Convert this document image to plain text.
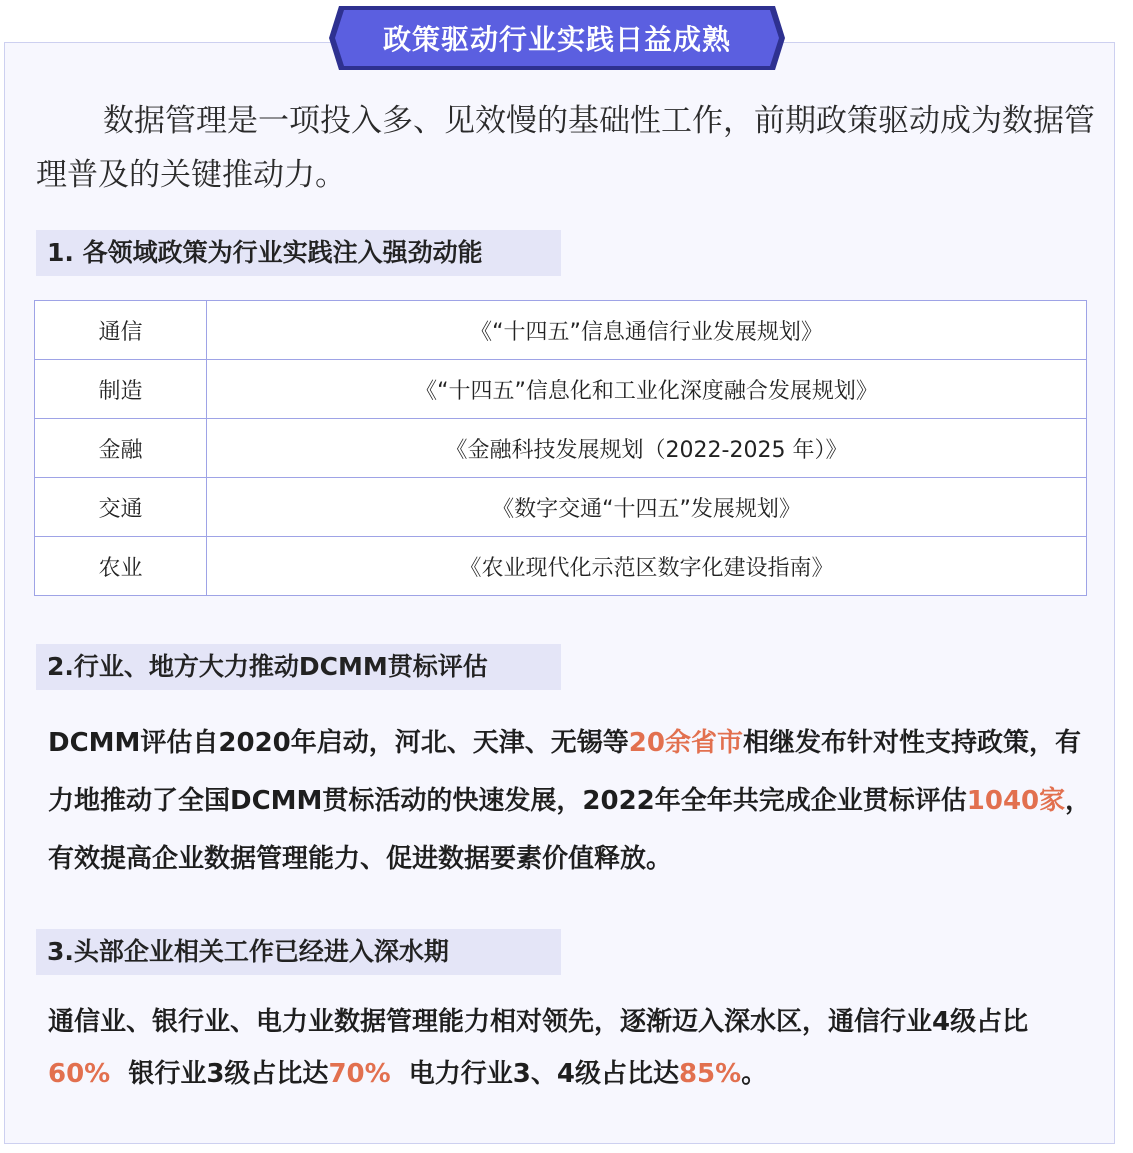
政策驱动行业实践日益成熟
数据管理是一项投入多、见效慢的基础性工作，前期政策驱动成为数据管理普及的关键推动力。
1. 各领域政策为行业实践注入强劲动能
通信	《“十四五”信息通信行业发展规划》
制造	《“十四五”信息化和工业化深度融合发展规划》
金融	《金融科技发展规划（2022-2025 年）》
交通	《数字交通“十四五”发展规划》
农业	《农业现代化示范区数字化建设指南》
2.行业、地方大力推动DCMM贯标评估
DCMM评估自2020年启动，河北、天津、无锡等20余省市相继发布针对性支持政策，有力地推动了全国DCMM贯标活动的快速发展，2022年全年共完成企业贯标评估1040家，有效提高企业数据管理能力、促进数据要素价值释放。
3.头部企业相关工作已经进入深水期
通信业、银行业、电力业数据管理能力相对领先，逐渐迈入深水区，通信行业4级占比 60%  银行业3级占比达70%  电力行业3、4级占比达85%。
